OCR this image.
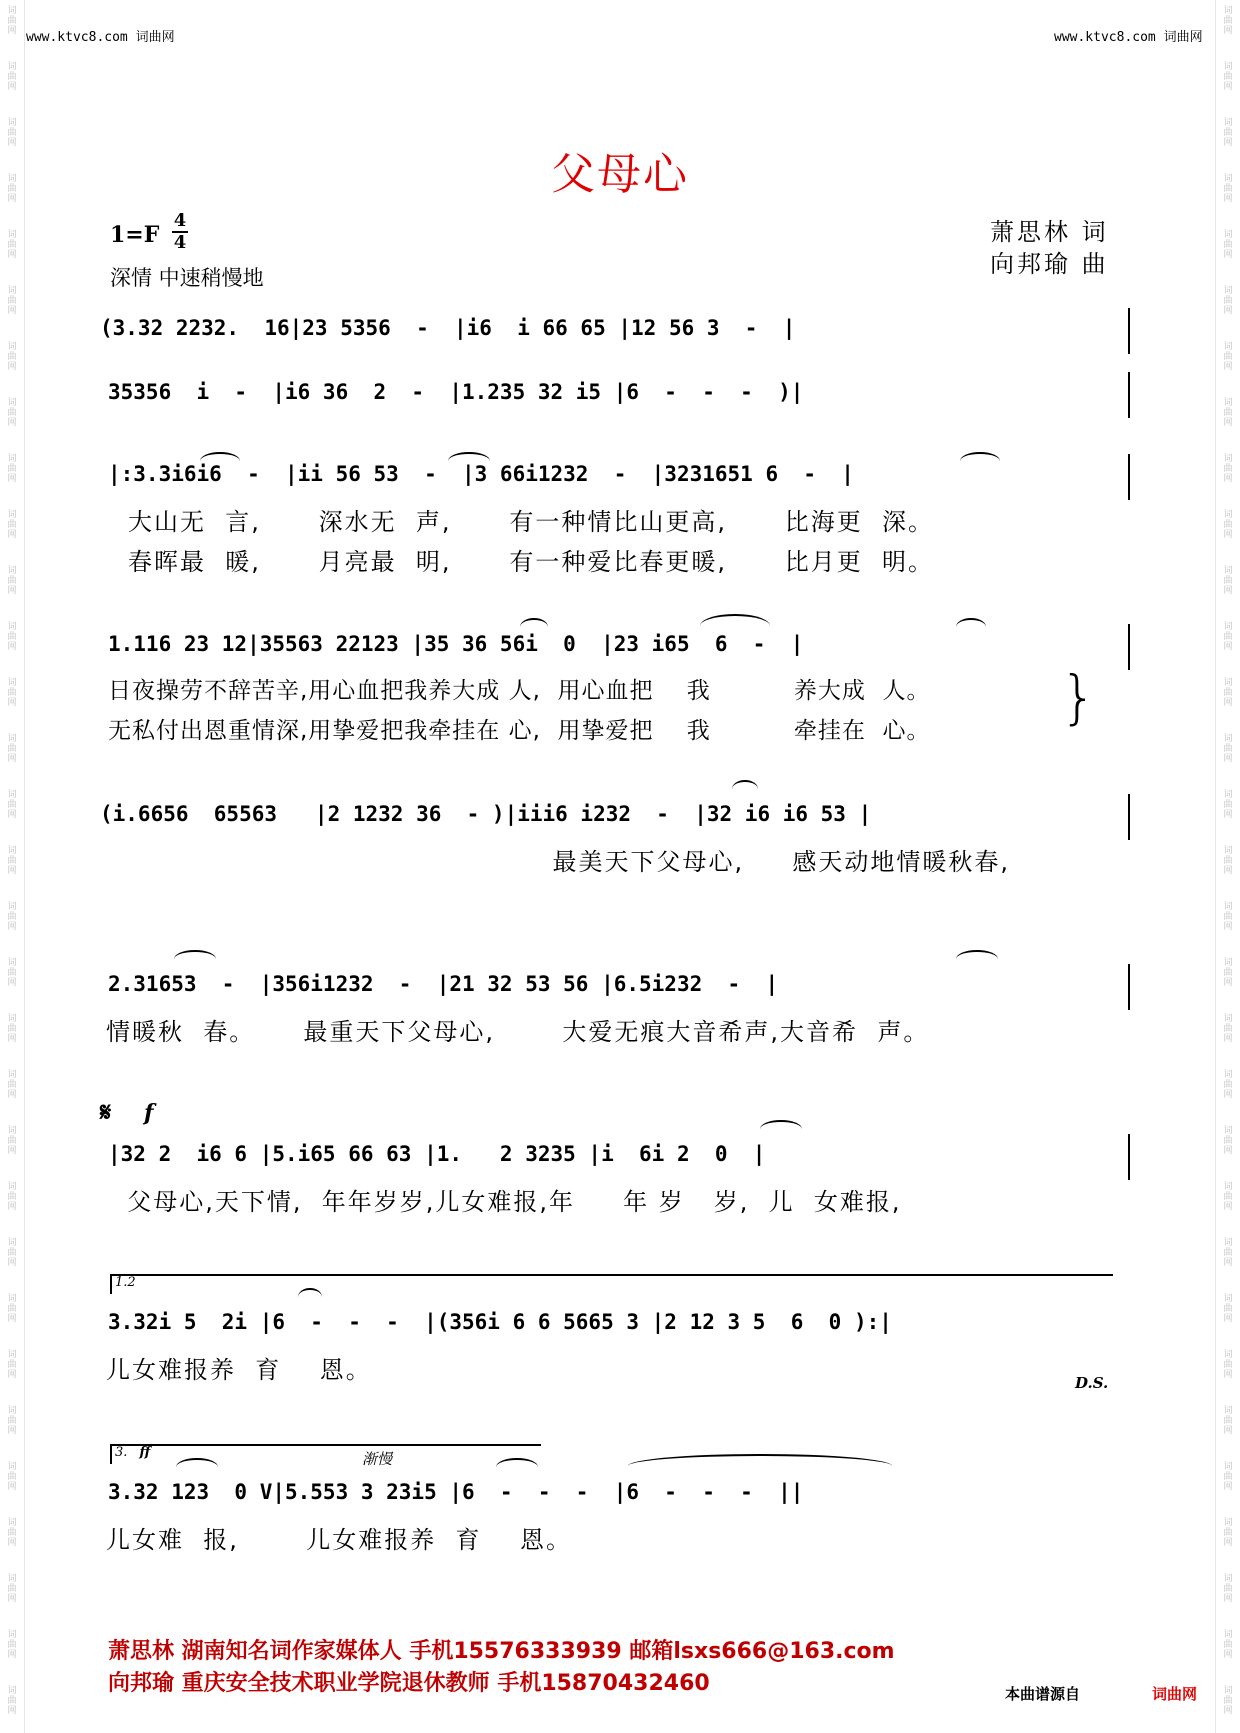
词
曲
网
词
曲
网
词
曲
网
词
曲
网
词
曲
网
词
曲
网
词
曲
网
词
曲
网
词
曲
网
词
曲
网
词
曲
网
词
曲
网
词
曲
网
词
曲
网
词
曲
网
词
曲
网
词
曲
网
词
曲
网
词
曲
网
词
曲
网
词
曲
网
词
曲
网
词
曲
网
词
曲
网
词
曲
网
词
曲
网
词
曲
网
词
曲
网
词
曲
网
词
曲
网
词
曲
网
词
曲
网
词
曲
网
词
曲
网
词
曲
网
词
曲
网
词
曲
网
词
曲
网
词
曲
网
词
曲
网
词
曲
网
词
曲
网
词
曲
网
词
曲
网
词
曲
网
词
曲
网
词
曲
网
词
曲
网
词
曲
网
词
曲
网
词
曲
网
词
曲
网
词
曲
网
词
曲
网
词
曲
网
词
曲
网
词
曲
网
词
曲
网
词
曲
网
词
曲
网
词
曲
网
词
曲
网
www.ktvc8.com 词曲网	www.ktvc8.com 词曲网
父母心
1=F
4
4
深情 中速稍慢地
萧思林 词
向邦瑜 曲
(3.32 2232.  16|23 5356  -  |i6  i 66 65 |12 56 3  -  |
35356  i  -  |i6 36  2  -  |1.235 32 i5 |6  -  -  -  )|
|:3.3i6i6  -  |ii 56 53  -  |3 66i1232  -  |3231651 6  -  |
大山无  言,      深水无  声,      有一种情比山更高,      比海更  深。
春晖最  暖,      月亮最  明,      有一种爱比春更暖,      比月更  明。
1.116 23 12|35563 22123 |35 36 56i  0  |23 i65  6  -  |
日夜操劳不辞苦辛,用心血把我养大成 人,  用心血把    我          养大成  人。
无私付出恩重情深,用挚爱把我牵挂在 心,  用挚爱把    我          牵挂在  心。 }
(i.6656  65563   |2 1232 36  - )|iii6 i232  -  |32 i6 i6 53 |
最美天下父母心,     感天动地情暖秋春,
2.31653  -  |356i1232  -  |21 32 53 56 |6.5i232  -  |
情暖秋  春。     最重天下父母心,       大爱无痕大音希声,大音希  声。
𝄋 f
|32 2  i6 6 |5.i65 66 63 |1.   2 3235 |i  6i 2  0  |
父母心,天下情,  年年岁岁,儿女难报,年     年 岁   岁,  儿  女难报,
1.2
3.32i 5  2i |6  -  -  -  |(356i 6 6 5665 3 |2 12 3 5  6  0 ):|
儿女难报养  育    恩。	D.S.
3. ff	渐慢
3.32 123  0 V|5.553 3 23i5 |6  -  -  -  |6  -  -  -  ||
儿女难  报,       儿女难报养  育    恩。
萧思林 湖南知名词作家媒体人 手机15576333939 邮箱lsxs666@163.com
向邦瑜 重庆安全技术职业学院退休教师 手机15870432460	本曲谱源自	词曲网
